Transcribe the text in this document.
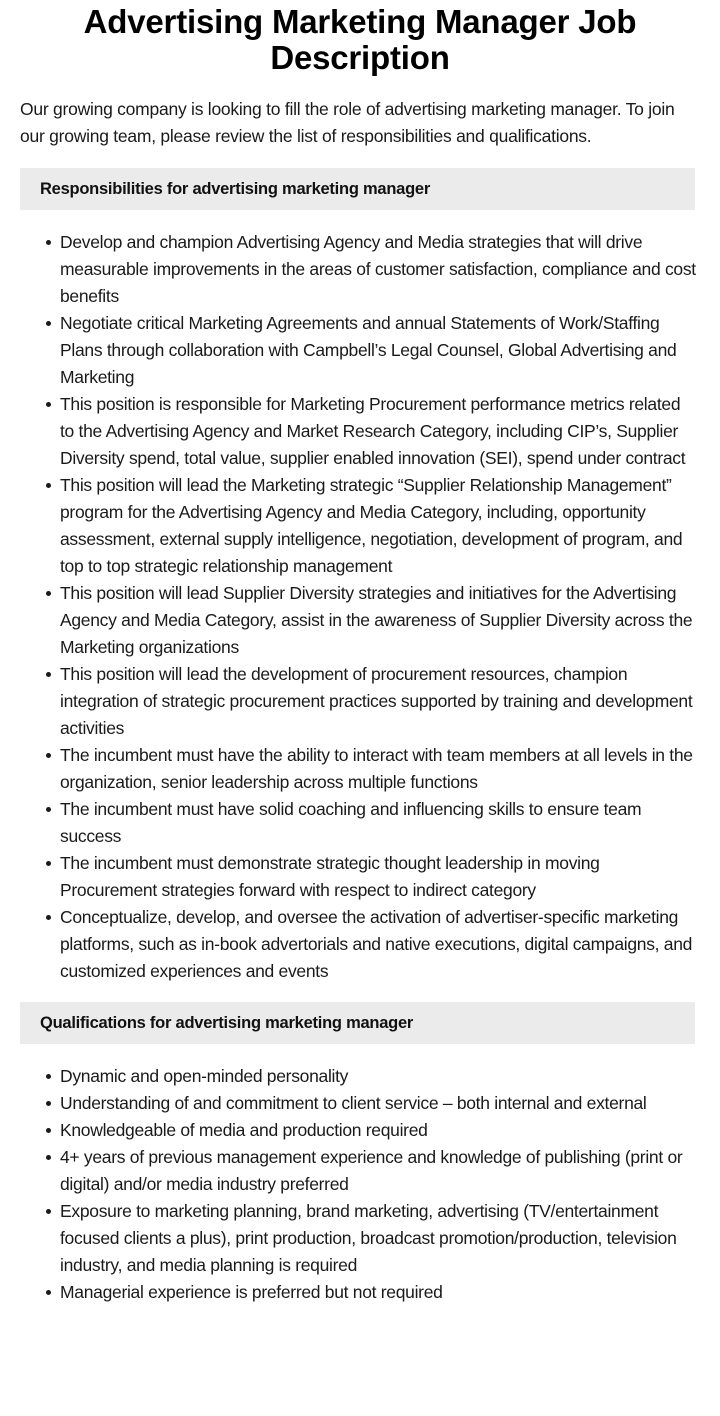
Advertising Marketing Manager Job Description

Our growing company is looking to fill the role of advertising marketing manager. To join our growing team, please review the list of responsibilities and qualifications.

Responsibilities for advertising marketing manager
Develop and champion Advertising Agency and Media strategies that will drive measurable improvements in the areas of customer satisfaction, compliance and cost benefits
Negotiate critical Marketing Agreements and annual Statements of Work/Staffing Plans through collaboration with Campbell’s Legal Counsel, Global Advertising and Marketing
This position is responsible for Marketing Procurement performance metrics related to the Advertising Agency and Market Research Category, including CIP’s, Supplier Diversity spend, total value, supplier enabled innovation (SEI), spend under contract
This position will lead the Marketing strategic “Supplier Relationship Management” program for the Advertising Agency and Media Category, including, opportunity assessment, external supply intelligence, negotiation, development of program, and top to top strategic relationship management
This position will lead Supplier Diversity strategies and initiatives for the Advertising Agency and Media Category, assist in the awareness of Supplier Diversity across the Marketing organizations
This position will lead the development of procurement resources, champion integration of strategic procurement practices supported by training and development activities
The incumbent must have the ability to interact with team members at all levels in the organization, senior leadership across multiple functions
The incumbent must have solid coaching and influencing skills to ensure team success
The incumbent must demonstrate strategic thought leadership in moving Procurement strategies forward with respect to indirect category
Conceptualize, develop, and oversee the activation of advertiser-specific marketing platforms, such as in-book advertorials and native executions, digital campaigns, and customized experiences and events
Qualifications for advertising marketing manager
Dynamic and open-minded personality
Understanding of and commitment to client service – both internal and external
Knowledgeable of media and production required
4+ years of previous management experience and knowledge of publishing (print or digital) and/or media industry preferred
Exposure to marketing planning, brand marketing, advertising (TV/entertainment focused clients a plus), print production, broadcast promotion/production, television industry, and media planning is required
Managerial experience is preferred but not required
